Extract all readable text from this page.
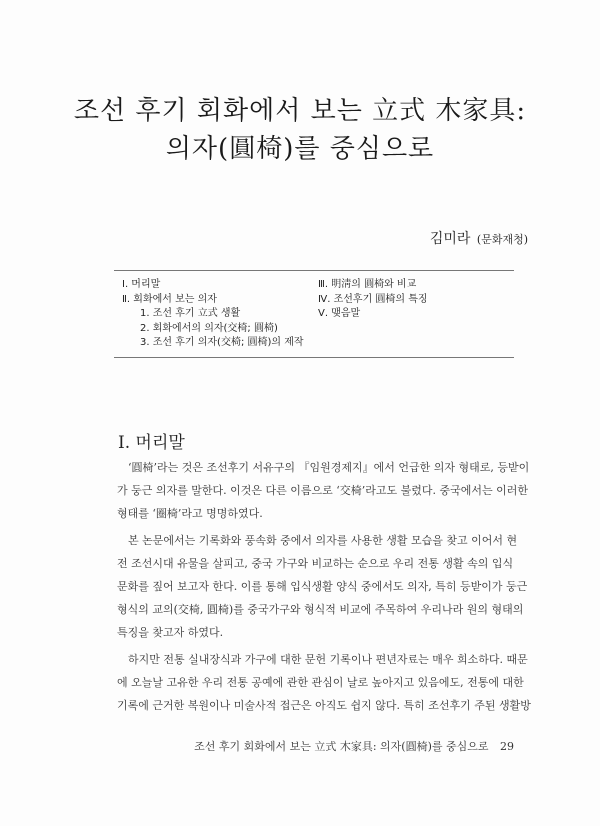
조선 후기 회화에서 보는 立式 木家具:
의자(圓椅)를 중심으로
김미라 (문화재청)
Ⅰ. 머리말
Ⅱ. 회화에서 보는 의자
1. 조선 후기 立式 생활
2. 회화에서의 의자(交椅; 圓椅)
3. 조선 후기 의자(交椅; 圓椅)의 제작
Ⅲ. 明淸의 圓椅와 비교
Ⅳ. 조선후기 圓椅의 특징
Ⅴ. 맺음말
Ⅰ. 머리말
‘圓椅’라는 것은 조선후기 서유구의 『임원경제지』에서 언급한 의자 형태로, 등받이
가 둥근 의자를 말한다. 이것은 다른 이름으로 ‘交椅’라고도 불렸다. 중국에서는 이러한
형태를 ‘圈椅’라고 명명하였다.
본 논문에서는 기록화와 풍속화 중에서 의자를 사용한 생활 모습을 찾고 이어서 현
전 조선시대 유물을 살피고, 중국 가구와 비교하는 순으로 우리 전통 생활 속의 입식
문화를 짚어 보고자 한다. 이를 통해 입식생활 양식 중에서도 의자, 특히 등받이가 둥근
형식의 교의(交椅, 圓椅)를 중국가구와 형식적 비교에 주목하여 우리나라 원의 형태의
특징을 찾고자 하였다.
하지만 전통 실내장식과 가구에 대한 문헌 기록이나 편년자료는 매우 희소하다. 때문
에 오늘날 고유한 우리 전통 공예에 관한 관심이 날로 높아지고 있음에도, 전통에 대한
기록에 근거한 복원이나 미술사적 접근은 아직도 쉽지 않다. 특히 조선후기 주된 생활방
조선 후기 회화에서 보는 立式 木家具: 의자(圓椅)를 중심으로 29
